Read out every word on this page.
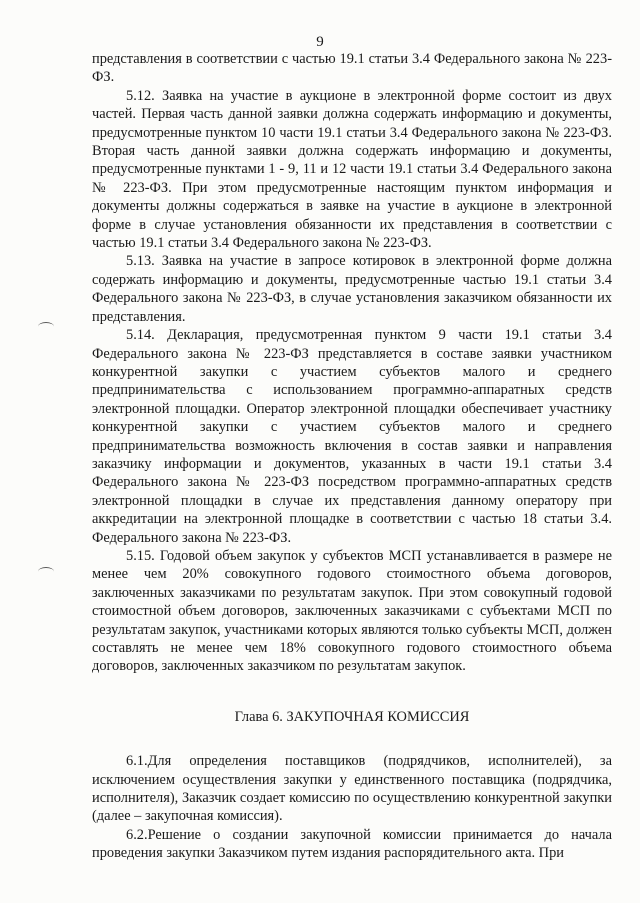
9

представления в соответствии с частью 19.1 статьи 3.4 Федерального закона № 223-ФЗ.

5.12. Заявка на участие в аукционе в электронной форме состоит из двух частей. Первая часть данной заявки должна содержать информацию и документы, предусмотренные пунктом 10 части 19.1 статьи 3.4 Федерального закона № 223-ФЗ. Вторая часть данной заявки должна содержать информацию и документы, предусмотренные пунктами 1 - 9, 11 и 12 части 19.1 статьи 3.4 Федерального закона № 223-ФЗ. При этом предусмотренные настоящим пунктом информация и документы должны содержаться в заявке на участие в аукционе в электронной форме в случае установления обязанности их представления в соответствии с частью 19.1 статьи 3.4 Федерального закона № 223-ФЗ.

5.13. Заявка на участие в запросе котировок в электронной форме должна содержать информацию и документы, предусмотренные частью 19.1 статьи 3.4 Федерального закона № 223-ФЗ, в случае установления заказчиком обязанности их представления.

5.14. Декларация, предусмотренная пунктом 9 части 19.1 статьи 3.4 Федерального закона № 223-ФЗ представляется в составе заявки участником конкурентной закупки с участием субъектов малого и среднего предпринимательства с использованием программно-аппаратных средств электронной площадки. Оператор электронной площадки обеспечивает участнику конкурентной закупки с участием субъектов малого и среднего предпринимательства возможность включения в состав заявки и направления заказчику информации и документов, указанных в части 19.1 статьи 3.4 Федерального закона № 223-ФЗ посредством программно-аппаратных средств электронной площадки в случае их представления данному оператору при аккредитации на электронной площадке в соответствии с частью 18 статьи 3.4. Федерального закона № 223-ФЗ.

5.15. Годовой объем закупок у субъектов МСП устанавливается в размере не менее чем 20% совокупного годового стоимостного объема договоров, заключенных заказчиками по результатам закупок. При этом совокупный годовой стоимостной объем договоров, заключенных заказчиками с субъектами МСП по результатам закупок, участниками которых являются только субъекты МСП, должен составлять не менее чем 18% совокупного годового стоимостного объема договоров, заключенных заказчиком по результатам закупок.

Глава 6. ЗАКУПОЧНАЯ КОМИССИЯ

6.1.Для определения поставщиков (подрядчиков, исполнителей), за исключением осуществления закупки у единственного поставщика (подрядчика, исполнителя), Заказчик создает комиссию по осуществлению конкурентной закупки (далее – закупочная комиссия).

6.2.Решение о создании закупочной комиссии принимается до начала проведения закупки Заказчиком путем издания распорядительного акта. При
